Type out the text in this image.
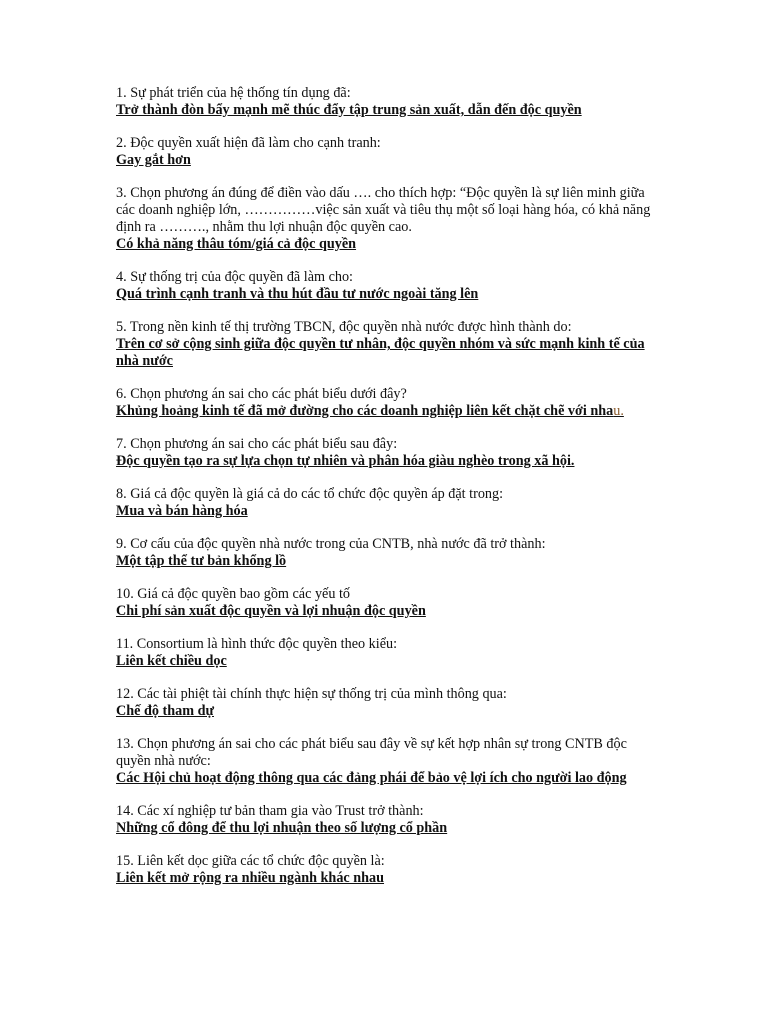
1. Sự phát triển của hệ thống tín dụng đã:

Trở thành đòn bẩy mạnh mẽ thúc đẩy tập trung sản xuất, dẫn đến độc quyền

2. Độc quyền xuất hiện đã làm cho cạnh tranh:

Gay gắt hơn

3. Chọn phương án đúng để điền vào dấu …. cho thích hợp: “Độc quyền là sự liên minh giữa các doanh nghiệp lớn, ……………việc sản xuất và tiêu thụ một số loại hàng hóa, có khả năng định ra ………., nhằm thu lợi nhuận độc quyền cao.

Có khả năng thâu tóm/giá cả độc quyền

4. Sự thống trị của độc quyền đã làm cho:

Quá trình cạnh tranh và thu hút đầu tư nước ngoài tăng lên

5. Trong nền kinh tế thị trường TBCN, độc quyền nhà nước được hình thành do:

Trên cơ sở cộng sinh giữa độc quyền tư nhân, độc quyền nhóm và sức mạnh kinh tế của nhà nước

6. Chọn phương án sai cho các phát biểu dưới đây?

Khủng hoảng kinh tế đã mở đường cho các doanh nghiệp liên kết chặt chẽ với nhau.

7. Chọn phương án sai cho các phát biểu sau đây:

Độc quyền tạo ra sự lựa chọn tự nhiên và phân hóa giàu nghèo trong xã hội.

8. Giá cả độc quyền là giá cả do các tổ chức độc quyền áp đặt trong:

Mua và bán hàng hóa

9. Cơ cấu của độc quyền nhà nước trong của CNTB, nhà nước đã trở thành:

Một tập thể tư bản khổng lồ

10. Giá cả độc quyền bao gồm các yếu tố

Chi phí sản xuất độc quyền và lợi nhuận độc quyền

11. Consortium là hình thức độc quyền theo kiểu:

Liên kết chiều dọc

12. Các tài phiệt tài chính thực hiện sự thống trị của mình thông qua:

Chế độ tham dự

13. Chọn phương án sai cho các phát biểu sau đây về sự kết hợp nhân sự trong CNTB độc quyền nhà nước:

Các Hội chủ hoạt động thông qua các đảng phái để bảo vệ lợi ích cho người lao động

14. Các xí nghiệp tư bản tham gia vào Trust trở thành:

Những cổ đông để thu lợi nhuận theo số lượng cổ phần

15. Liên kết dọc giữa các tổ chức độc quyền là:

Liên kết mở rộng ra nhiều ngành khác nhau
